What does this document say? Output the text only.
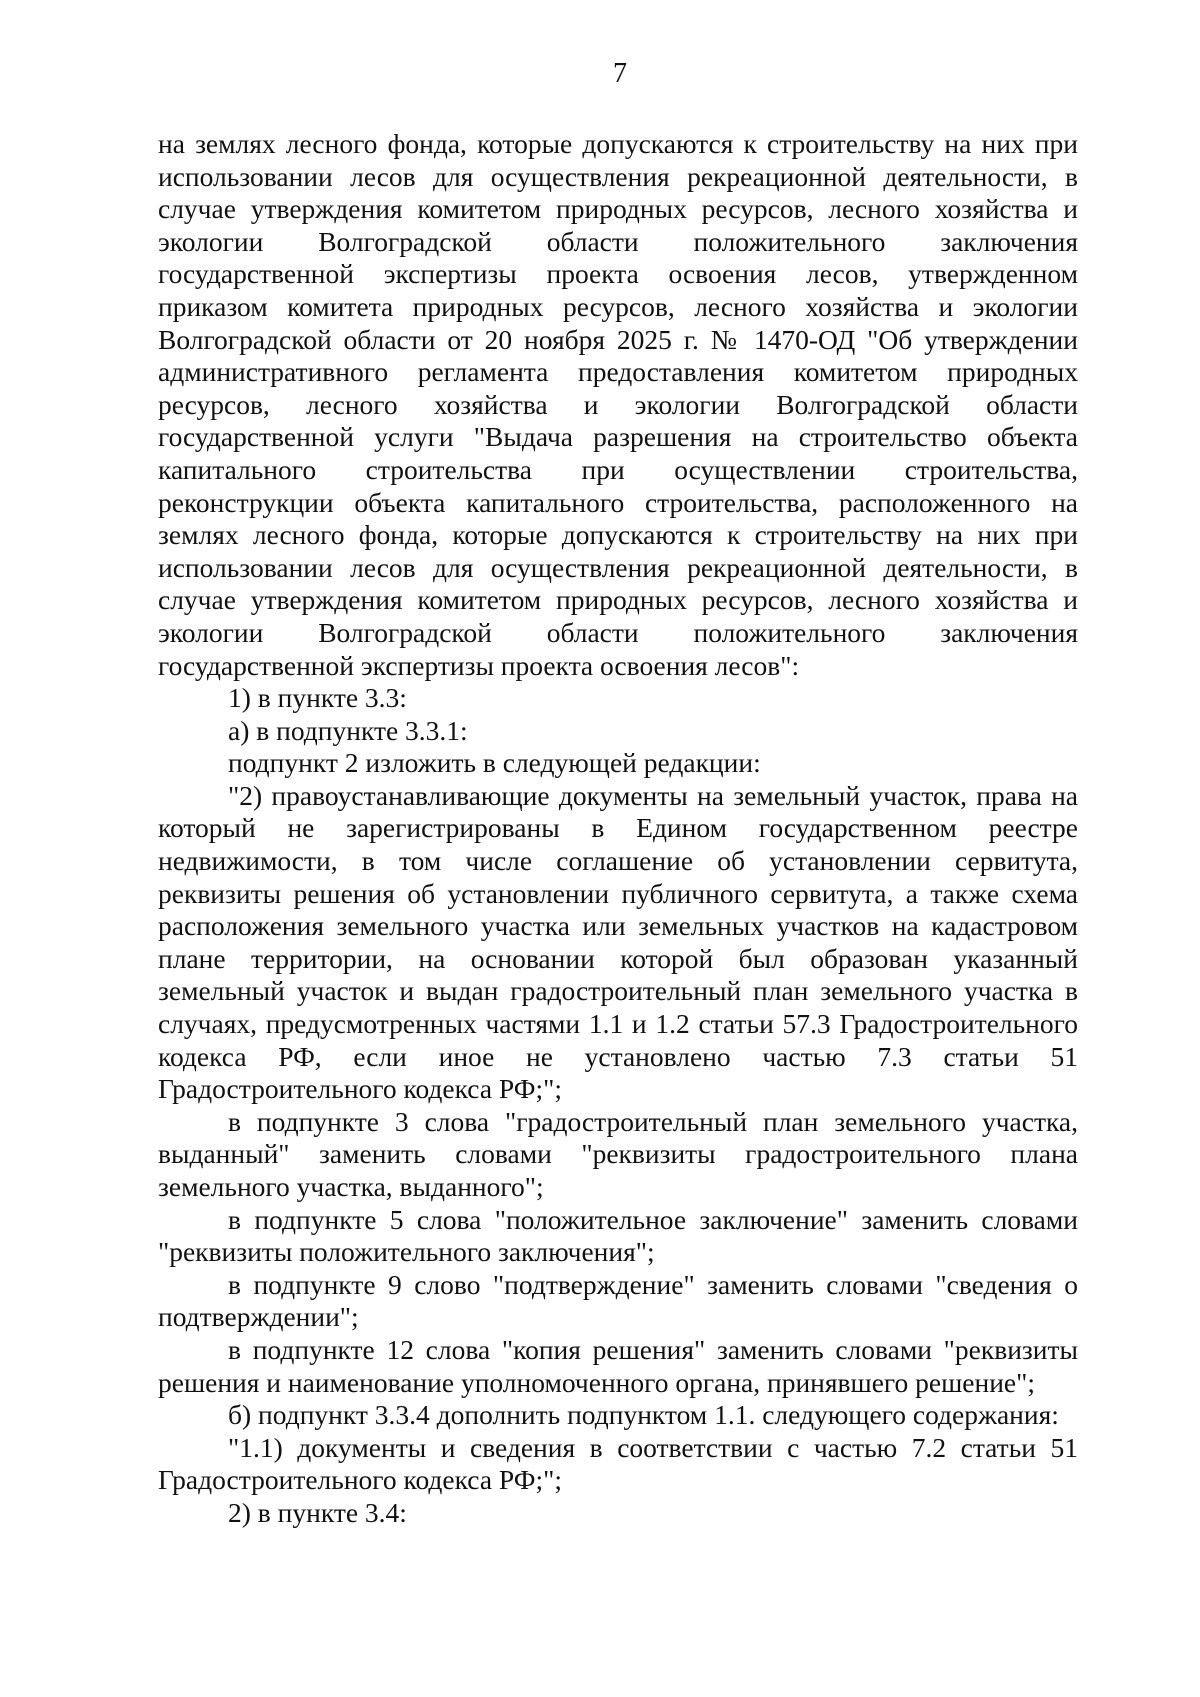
7

на землях лесного фонда, которые допускаются к строительству на них при использовании лесов для осуществления рекреационной деятельности, в случае утверждения комитетом природных ресурсов, лесного хозяйства и экологии Волгоградской области положительного заключения государственной экспертизы проекта освоения лесов, утвержденном приказом комитета природных ресурсов, лесного хозяйства и экологии Волгоградской области от 20 ноября 2025 г. № 1470-ОД "Об утверждении административного регламента предоставления комитетом природных ресурсов, лесного хозяйства и экологии Волгоградской области государственной услуги "Выдача разрешения на строительство объекта капитального строительства при осуществлении строительства, реконструкции объекта капитального строительства, расположенного на землях лесного фонда, которые допускаются к строительству на них при использовании лесов для осуществления рекреационной деятельности, в случае утверждения комитетом природных ресурсов, лесного хозяйства и экологии Волгоградской области положительного заключения государственной экспертизы проекта освоения лесов":

1) в пункте 3.3:

а) в подпункте 3.3.1:

подпункт 2 изложить в следующей редакции:

"2) правоустанавливающие документы на земельный участок, права на который не зарегистрированы в Едином государственном реестре недвижимости, в том числе соглашение об установлении сервитута, реквизиты решения об установлении публичного сервитута, а также схема расположения земельного участка или земельных участков на кадастровом плане территории, на основании которой был образован указанный земельный участок и выдан градостроительный план земельного участка в случаях, предусмотренных частями 1.1 и 1.2 статьи 57.3 Градостроительного кодекса РФ, если иное не установлено частью 7.3 статьи 51 Градостроительного кодекса РФ;";

в подпункте 3 слова "градостроительный план земельного участка, выданный" заменить словами "реквизиты градостроительного плана земельного участка, выданного";

в подпункте 5 слова "положительное заключение" заменить словами "реквизиты положительного заключения";

в подпункте 9 слово "подтверждение" заменить словами "сведения о подтверждении";

в подпункте 12 слова "копия решения" заменить словами "реквизиты решения и наименование уполномоченного органа, принявшего решение";

б) подпункт 3.3.4 дополнить подпунктом 1.1. следующего содержания:

"1.1) документы и сведения в соответствии с частью 7.2 статьи 51 Градостроительного кодекса РФ;";

2) в пункте 3.4:
